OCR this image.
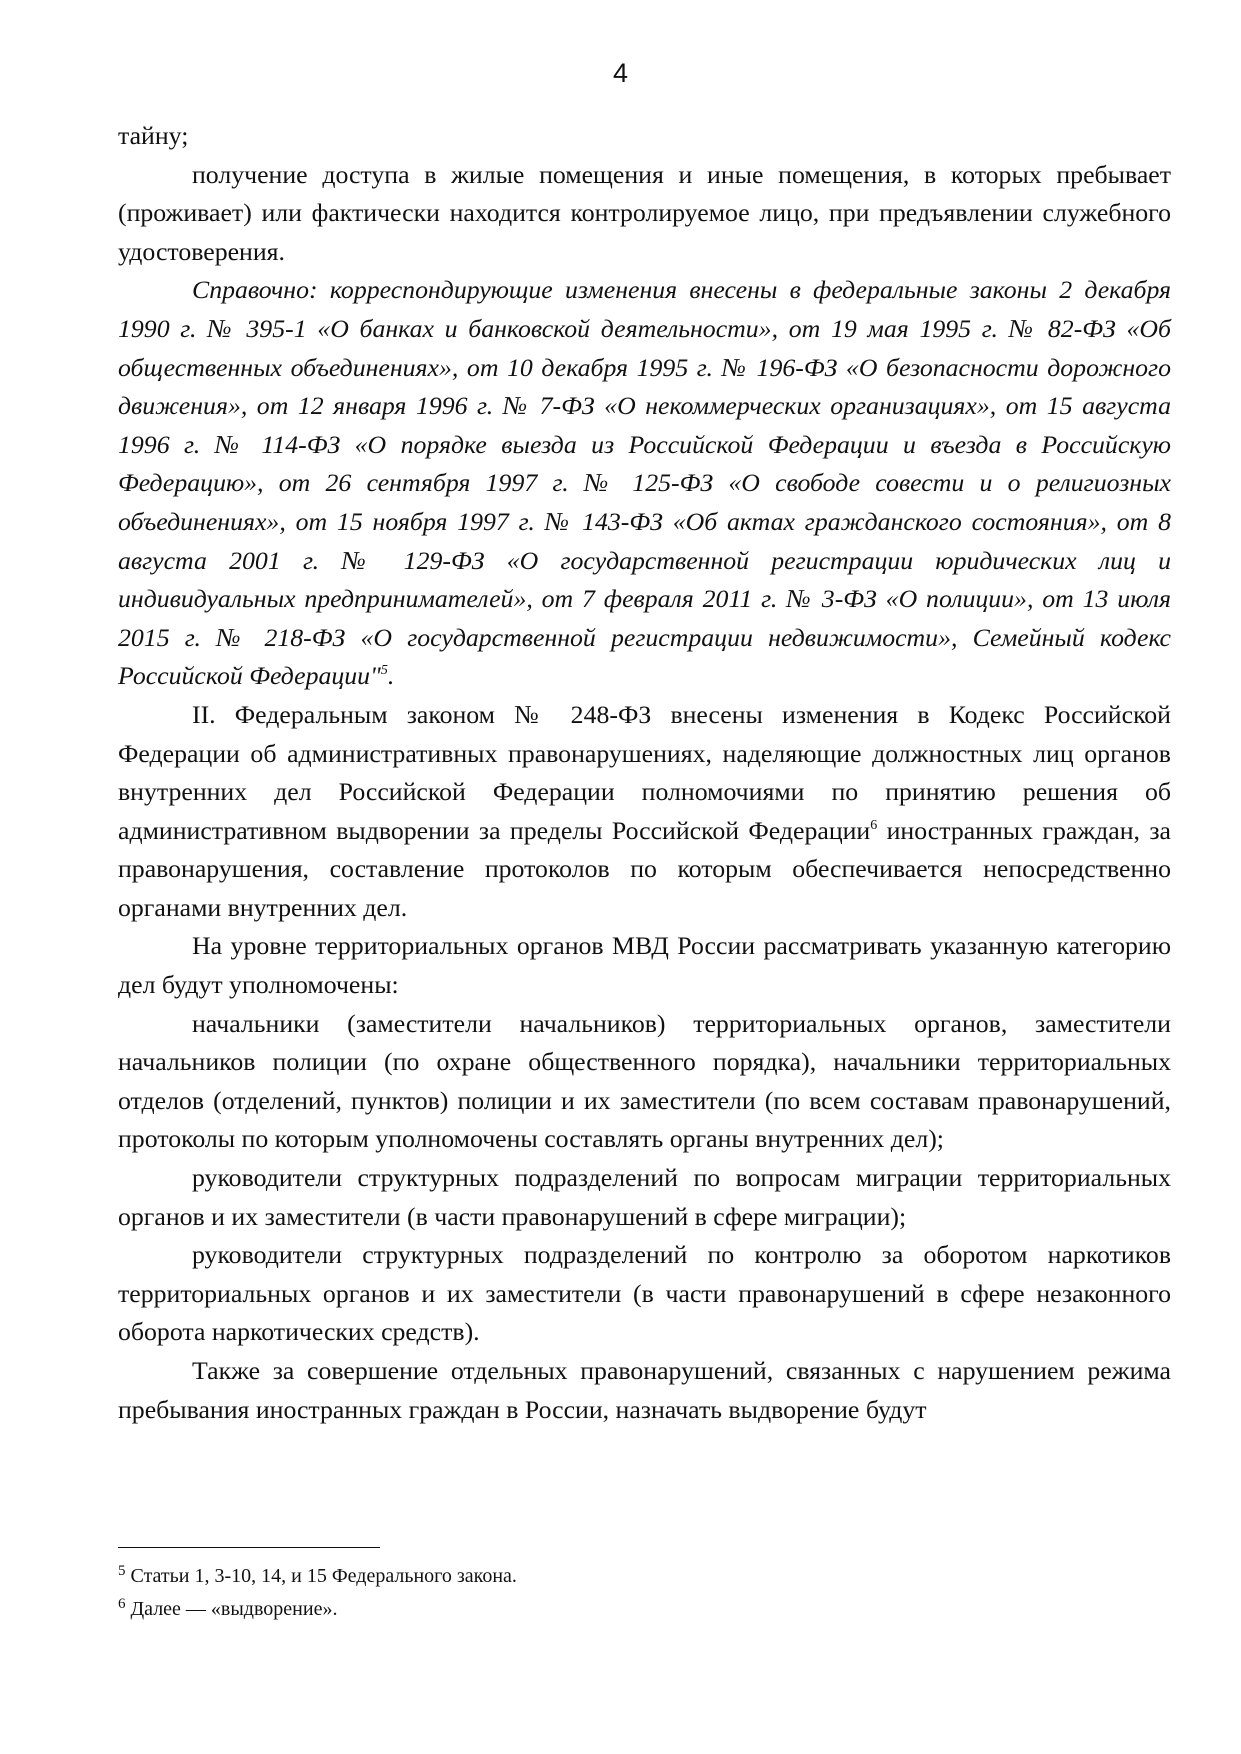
4

тайну;

получение доступа в жилые помещения и иные помещения, в которых пребывает (проживает) или фактически находится контролируемое лицо, при предъявлении служебного удостоверения.

Справочно: корреспондирующие изменения внесены в федеральные законы 2 декабря 1990 г. № 395-1 «О банках и банковской деятельности», от 19 мая 1995 г. № 82-ФЗ «Об общественных объединениях», от 10 декабря 1995 г. № 196-ФЗ «О безопасности дорожного движения», от 12 января 1996 г. № 7-ФЗ «О некоммерческих организациях», от 15 августа 1996 г. № 114-ФЗ «О порядке выезда из Российской Федерации и въезда в Российскую Федерацию», от 26 сентября 1997 г. № 125-ФЗ «О свободе совести и о религиозных объединениях», от 15 ноября 1997 г. № 143-ФЗ «Об актах гражданского состояния», от 8 августа 2001 г. № 129-ФЗ «О государственной регистрации юридических лиц и индивидуальных предпринимателей», от 7 февраля 2011 г. № 3-ФЗ «О полиции», от 13 июля 2015 г. № 218-ФЗ «О государственной регистрации недвижимости», Семейный кодекс Российской Федерации"$^5$.

II. Федеральным законом № 248-ФЗ внесены изменения в Кодекс Российской Федерации об административных правонарушениях, наделяющие должностных лиц органов внутренних дел Российской Федерации полномочиями по принятию решения об административном выдворении за пределы Российской Федерации$^6$ иностранных граждан, за правонарушения, составление протоколов по которым обеспечивается непосредственно органами внутренних дел.

На уровне территориальных органов МВД России рассматривать указанную категорию дел будут уполномочены:

начальники (заместители начальников) территориальных органов, заместители начальников полиции (по охране общественного порядка), начальники территориальных отделов (отделений, пунктов) полиции и их заместители (по всем составам правонарушений, протоколы по которым уполномочены составлять органы внутренних дел);

руководители структурных подразделений по вопросам миграции территориальных органов и их заместители (в части правонарушений в сфере миграции);

руководители структурных подразделений по контролю за оборотом наркотиков территориальных органов и их заместители (в части правонарушений в сфере незаконного оборота наркотических средств).

Также за совершение отдельных правонарушений, связанных с нарушением режима пребывания иностранных граждан в России, назначать выдворение будут

$^5$ Статьи 1, 3-10, 14, и 15 Федерального закона.

$^6$ Далее — «выдворение».
